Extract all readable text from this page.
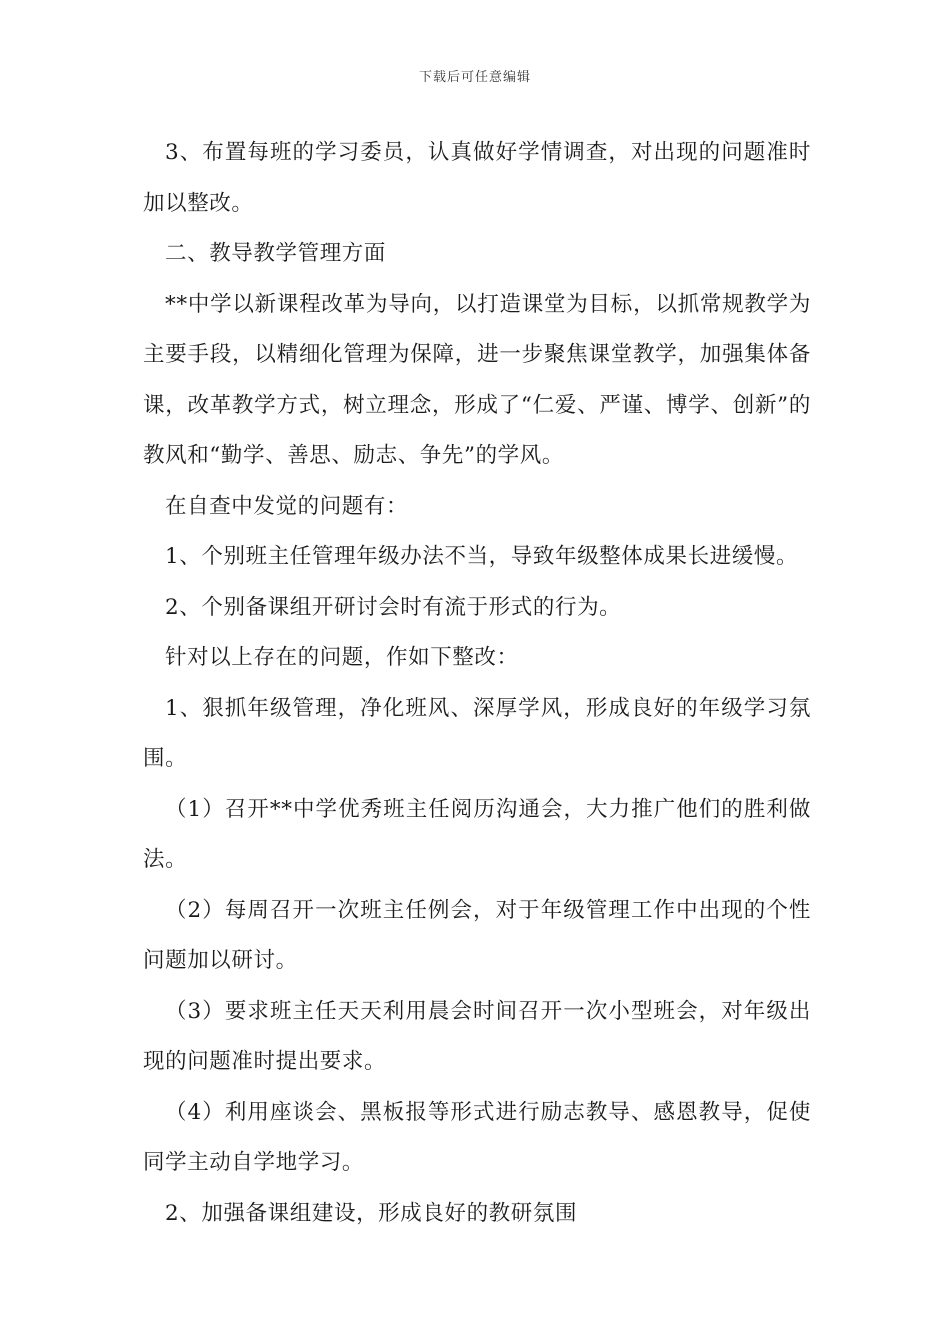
下载后可任意编辑

3、布置每班的学习委员，认真做好学情调查，对出现的问题准时加以整改。

二、教导教学管理方面

**中学以新课程改革为导向，以打造课堂为目标，以抓常规教学为主要手段，以精细化管理为保障，进一步聚焦课堂教学，加强集体备课，改革教学方式，树立理念，形成了“仁爱、严谨、博学、创新”的教风和“勤学、善思、励志、争先”的学风。

在自查中发觉的问题有：

1、个别班主任管理年级办法不当，导致年级整体成果长进缓慢。

2、个别备课组开研讨会时有流于形式的行为。

针对以上存在的问题，作如下整改：

1、狠抓年级管理，净化班风、深厚学风，形成良好的年级学习氛围。

（1）召开**中学优秀班主任阅历沟通会，大力推广他们的胜利做法。

（2）每周召开一次班主任例会，对于年级管理工作中出现的个性问题加以研讨。

（3）要求班主任天天利用晨会时间召开一次小型班会，对年级出现的问题准时提出要求。

（4）利用座谈会、黑板报等形式进行励志教导、感恩教导，促使同学主动自学地学习。

2、加强备课组建设，形成良好的教研氛围
